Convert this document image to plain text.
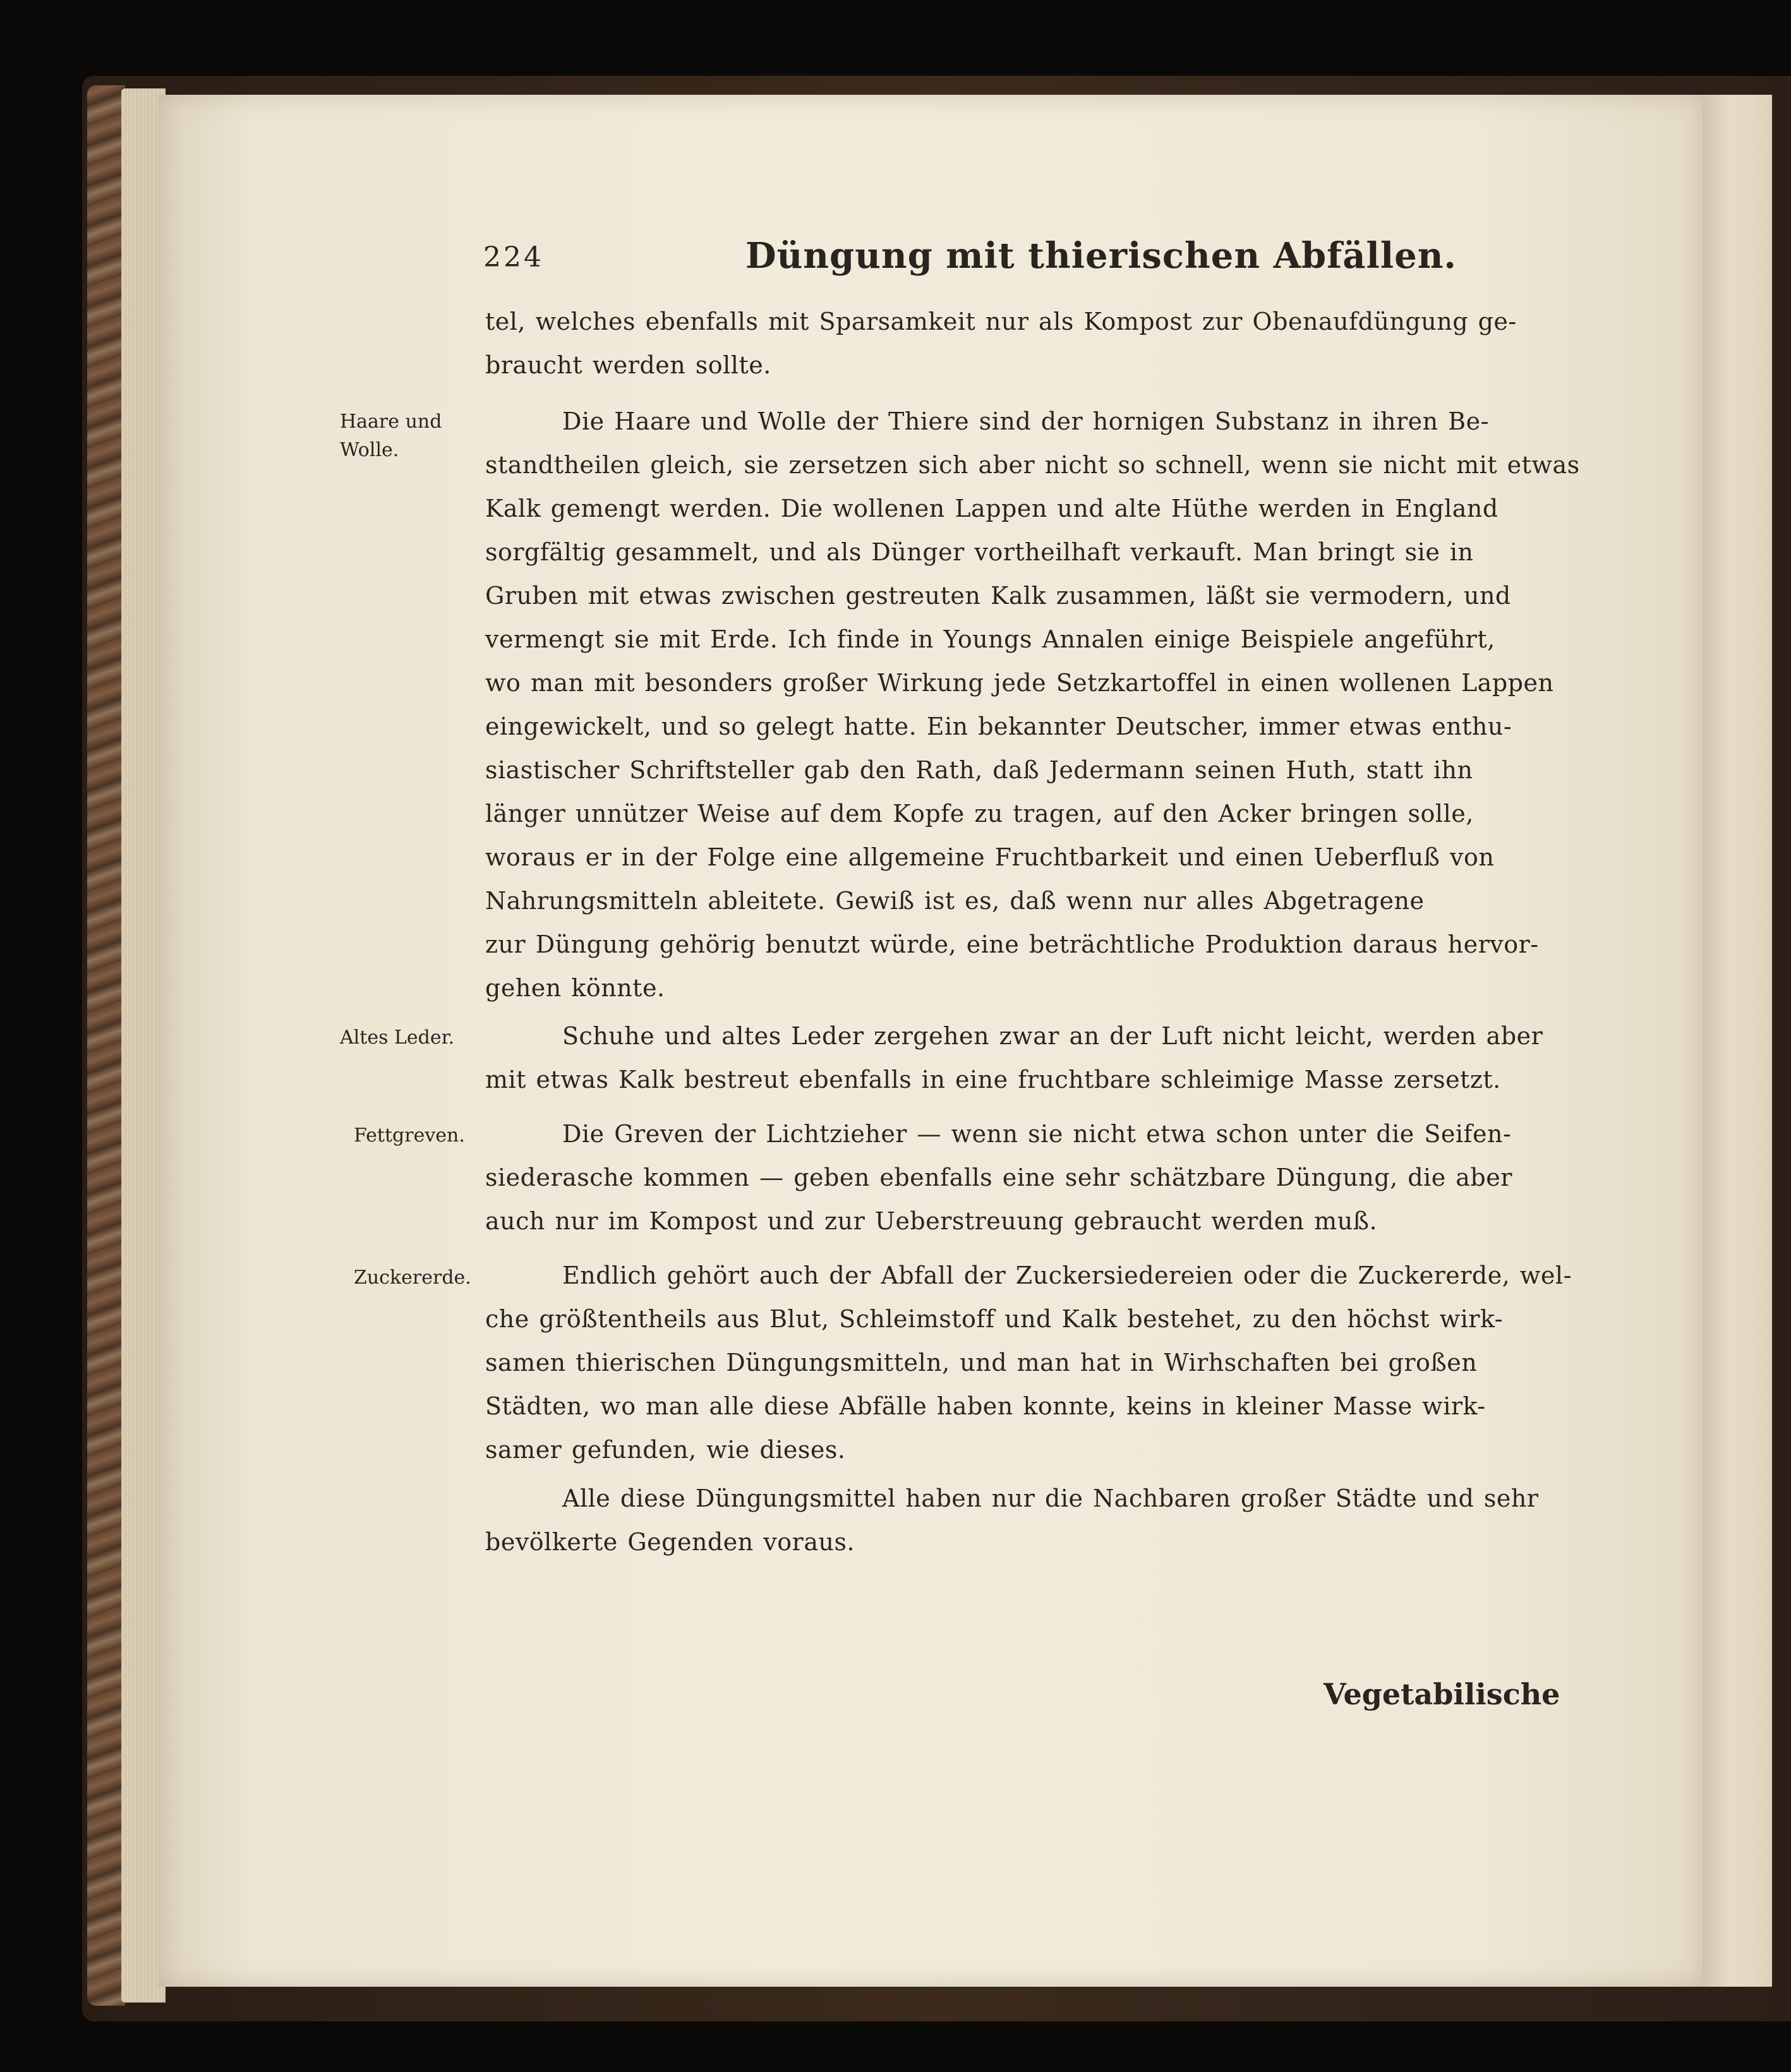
224	Düngung mit thierischen Abfällen.
Haare und
Wolle.
Altes Leder.
Fettgreven.
Zuckererde.
tel, welches ebenfalls mit Sparsamkeit nur als Kompost zur Obenaufdüngung ge-
braucht werden sollte.
Die Haare und Wolle der Thiere sind der hornigen Substanz in ihren Be-
standtheilen gleich, sie zersetzen sich aber nicht so schnell, wenn sie nicht mit etwas
Kalk gemengt werden. Die wollenen Lappen und alte Hüthe werden in England
sorgfältig gesammelt, und als Dünger vortheilhaft verkauft. Man bringt sie in
Gruben mit etwas zwischen gestreuten Kalk zusammen, läßt sie vermodern, und
vermengt sie mit Erde. Ich finde in Youngs Annalen einige Beispiele angeführt,
wo man mit besonders großer Wirkung jede Setzkartoffel in einen wollenen Lappen
eingewickelt, und so gelegt hatte. Ein bekannter Deutscher, immer etwas enthu-
siastischer Schriftsteller gab den Rath, daß Jedermann seinen Huth, statt ihn
länger unnützer Weise auf dem Kopfe zu tragen, auf den Acker bringen solle,
woraus er in der Folge eine allgemeine Fruchtbarkeit und einen Ueberfluß von
Nahrungsmitteln ableitete. Gewiß ist es, daß wenn nur alles Abgetragene
zur Düngung gehörig benutzt würde, eine beträchtliche Produktion daraus hervor-
gehen könnte.
Schuhe und altes Leder zergehen zwar an der Luft nicht leicht, werden aber
mit etwas Kalk bestreut ebenfalls in eine fruchtbare schleimige Masse zersetzt.
Die Greven der Lichtzieher — wenn sie nicht etwa schon unter die Seifen-
siederasche kommen — geben ebenfalls eine sehr schätzbare Düngung, die aber
auch nur im Kompost und zur Ueberstreuung gebraucht werden muß.
Endlich gehört auch der Abfall der Zuckersiedereien oder die Zuckererde, wel-
che größtentheils aus Blut, Schleimstoff und Kalk bestehet, zu den höchst wirk-
samen thierischen Düngungsmitteln, und man hat in Wirhschaften bei großen
Städten, wo man alle diese Abfälle haben konnte, keins in kleiner Masse wirk-
samer gefunden, wie dieses.
Alle diese Düngungsmittel haben nur die Nachbaren großer Städte und sehr
bevölkerte Gegenden voraus.
Vegetabilische
